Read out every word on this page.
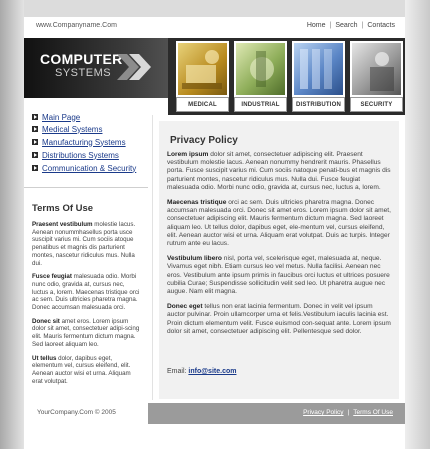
www.Companyname.Com	Home | Search | Contacts
COMPUTER
SYSTEMS
MEDICAL	INDUSTRIAL	DISTRIBUTION	SECURITY
Main Page
Medical Systems
Manufacturing Systems
Distributions Systems
Communication & Security
Terms Of Use

Praesent vestibulum molestie lacus. Aenean nonummhasellus porta usce suscipit varius mi. Cum sociis atoque penatibus et magnis dis parturient montes, nascetur ridiculus mus. Nulla dui.

Fusce feugiat malesuada odio. Morbi nunc odio, gravida at, cursus nec, luctus a, lorem. Maecenas tristique orci ac sem. Duis ultricies pharetra magna. Donec accumsan malesuada orci.

Donec sit amet eros. Lorem ipsum dolor sit amet, consectetuer adipi-scing elit. Mauris fermentum dictum magna. Sed laoreet aliquam leo.

Ut tellus dolor, dapibus eget, elementum vel, cursus eleifend, elit. Aenean auctor wisi et urna. Aliquam erat volutpat.

Privacy Policy

Lorem ipsum dolor sit amet, consectetuer adipiscing elit. Praesent vestibulum molestie lacus. Aenean nonummy hendrerit mauris. Phasellus porta. Fusce suscipit varius mi. Cum sociis natoque penati-bus et magnis dis parturient montes, nascetur ridiculus mus. Nulla dui. Fusce feugiat malesuada odio. Morbi nunc odio, gravida at, cursus nec, luctus a, lorem.

Maecenas tristique orci ac sem. Duis ultricies pharetra magna. Donec accumsan malesuada orci. Donec sit amet eros. Lorem ipsum dolor sit amet, consectetuer adipiscing elit. Mauris fermentum dictum magna. Sed laoreet aliquam leo. Ut tellus dolor, dapibus eget, ele-mentum vel, cursus eleifend, elit. Aenean auctor wisi et urna. Aliquam erat volutpat. Duis ac turpis. Integer rutrum ante eu lacus.

Vestibulum libero nisl, porta vel, scelerisque eget, malesuada at, neque. Vivamus eget nibh. Etiam cursus leo vel metus. Nulla facilisi. Aenean nec eros. Vestibulum ante ipsum primis in faucibus orci luctus et ultrices posuere cubilia Curae; Suspendisse sollicitudin velit sed leo. Ut pharetra augue nec augue. Nam elit magna.

Donec eget tellus non erat lacinia fermentum. Donec in velit vel ipsum auctor pulvinar. Proin ullamcorper urna et felis.Vestibulum iaculis lacinia est. Proin dictum elementum velit. Fusce euismod con-sequat ante. Lorem ipsum dolor sit amet, consectetuer adipiscing elit. Pellentesque sed dolor.

Email: info@site.com
YourCompany.Com © 2005	Privacy Policy | Terms Of Use
